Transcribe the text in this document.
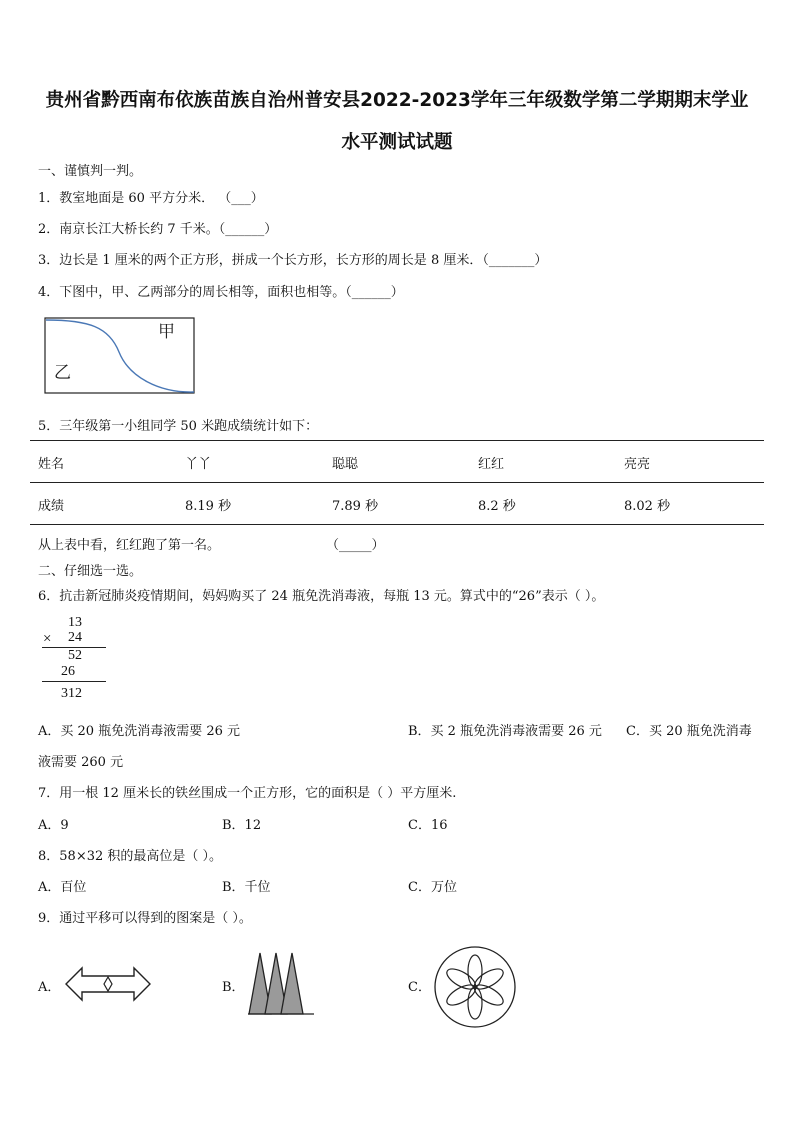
贵州省黔西南布依族苗族自治州普安县2022-2023学年三年级数学第二学期期末学业
水平测试试题
一、谨慎判一判。
1．教室地面是 60 平方分米． （___）
2．南京长江大桥长约 7 千米。（______）
3．边长是 1 厘米的两个正方形，拼成一个长方形，长方形的周长是 8 厘米．（_______）
4．下图中，甲、乙两部分的周长相等，面积也相等。（______）
甲
乙
5．三年级第一小组同学 50 米跑成绩统计如下：
姓名	丫丫	聪聪	红红	亮亮
成绩	8.19 秒	7.89 秒	8.2 秒	8.02 秒
从上表中看，红红跑了第一名。	（_____）
二、仔细选一选。
6．抗击新冠肺炎疫情期间，妈妈购买了 24 瓶免洗消毒液，每瓶 13 元。算式中的“26”表示（ ）。
13
× 24
52
26
312
A．买 20 瓶免洗消毒液需要 26 元	B．买 2 瓶免洗消毒液需要 26 元 C．买 20 瓶免洗消毒
液需要 260 元
7．用一根 12 厘米长的铁丝围成一个正方形，它的面积是（ ）平方厘米.
A．9	B．12	C．16
8．58×32 积的最高位是（ ）。
A．百位	B．千位	C．万位
9．通过平移可以得到的图案是（ ）。
A．	B．	C．
